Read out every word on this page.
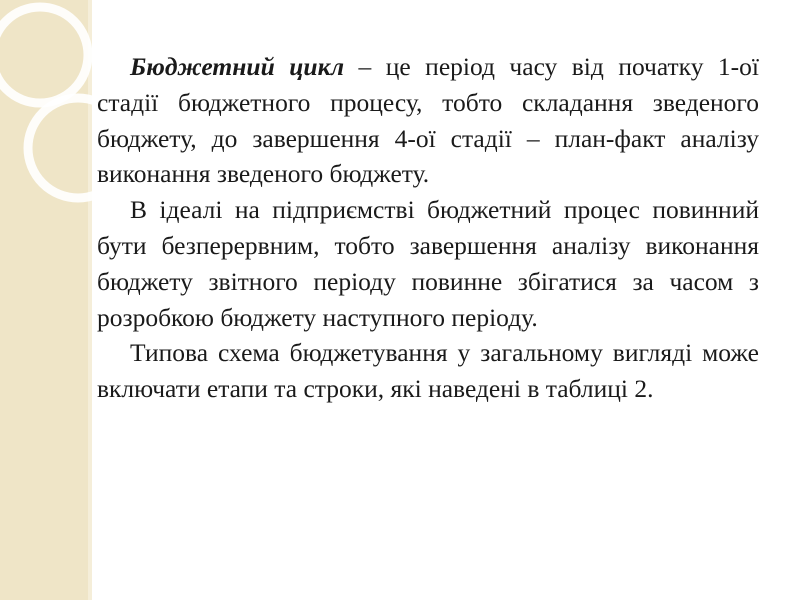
Бюджетний цикл – це період часу від початку 1-ої стадії бюджетного процесу, тобто складання зведеного бюджету, до завершення 4-ої стадії – план-факт аналізу виконання зведеного бюджету.

В ідеалі на підприємстві бюджетний процес повинний бути безперервним, тобто завершення аналізу виконання бюджету звітного періоду повинне збігатися за часом з розробкою бюджету наступного періоду.

Типова схема бюджетування у загальному вигляді може включати етапи та строки, які наведені в таблиці 2.
